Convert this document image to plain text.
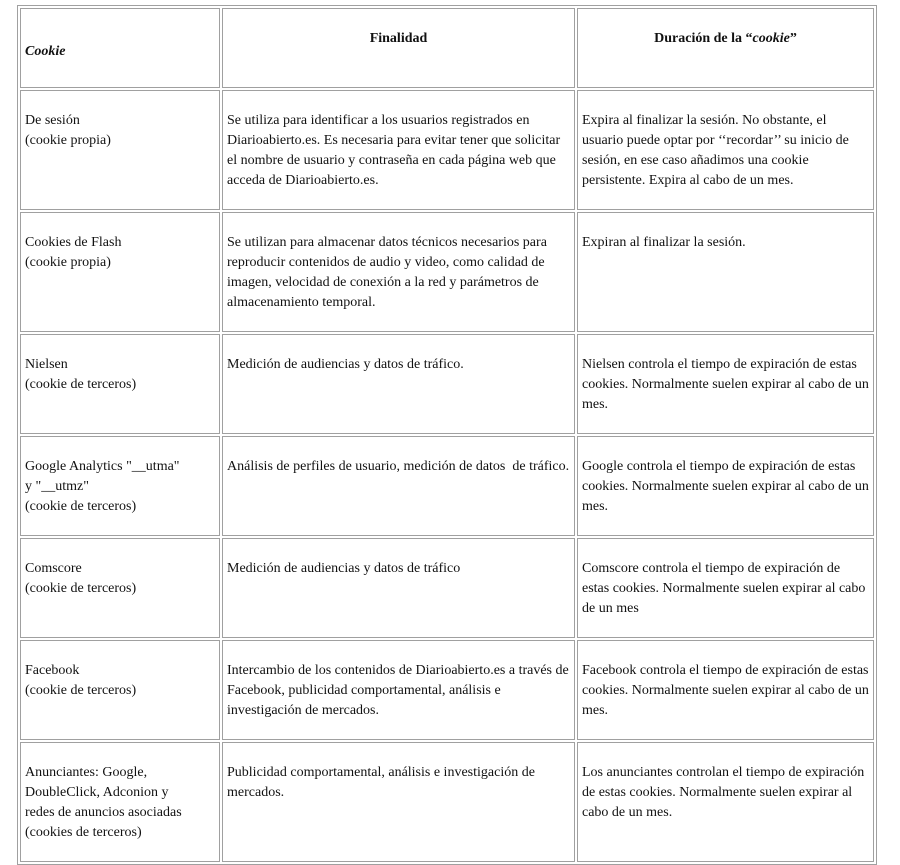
Cookie	Finalidad	Duración de la “cookie”

De sesión
(cookie propia)	Se utiliza para identificar a los usuarios registrados en Diarioabierto.es. Es necesaria para evitar tener que solicitar el nombre de usuario y contraseña en cada página web que acceda de Diarioabierto.es.	Expira al finalizar la sesión. No obstante, el usuario puede optar por ‘‘recordar’’ su inicio de sesión, en ese caso añadimos una cookie persistente. Expira al cabo de un mes.

Cookies de Flash
(cookie propia)	Se utilizan para almacenar datos técnicos necesarios para reproducir contenidos de audio y video, como calidad de imagen, velocidad de conexión a la red y parámetros de almacenamiento temporal.	Expiran al finalizar la sesión.

Nielsen
(cookie de terceros)	Medición de audiencias y datos de tráfico.	Nielsen controla el tiempo de expiración de estas cookies. Normalmente suelen expirar al cabo de un mes.

Google Analytics "__utma"
y "__utmz"
(cookie de terceros)	Análisis de perfiles de usuario, medición de datos  de tráfico.	Google controla el tiempo de expiración de estas cookies. Normalmente suelen expirar al cabo de un mes.

Comscore
(cookie de terceros)	Medición de audiencias y datos de tráfico	Comscore controla el tiempo de expiración de estas cookies. Normalmente suelen expirar al cabo de un mes

Facebook
(cookie de terceros)	Intercambio de los contenidos de Diarioabierto.es a través de Facebook, publicidad comportamental, análisis e investigación de mercados.	Facebook controla el tiempo de expiración de estas cookies. Normalmente suelen expirar al cabo de un mes.

Anunciantes: Google,
DoubleClick, Adconion y
redes de anuncios asociadas
(cookies de terceros)	Publicidad comportamental, análisis e investigación de mercados.	Los anunciantes controlan el tiempo de expiración de estas cookies. Normalmente suelen expirar al cabo de un mes.
